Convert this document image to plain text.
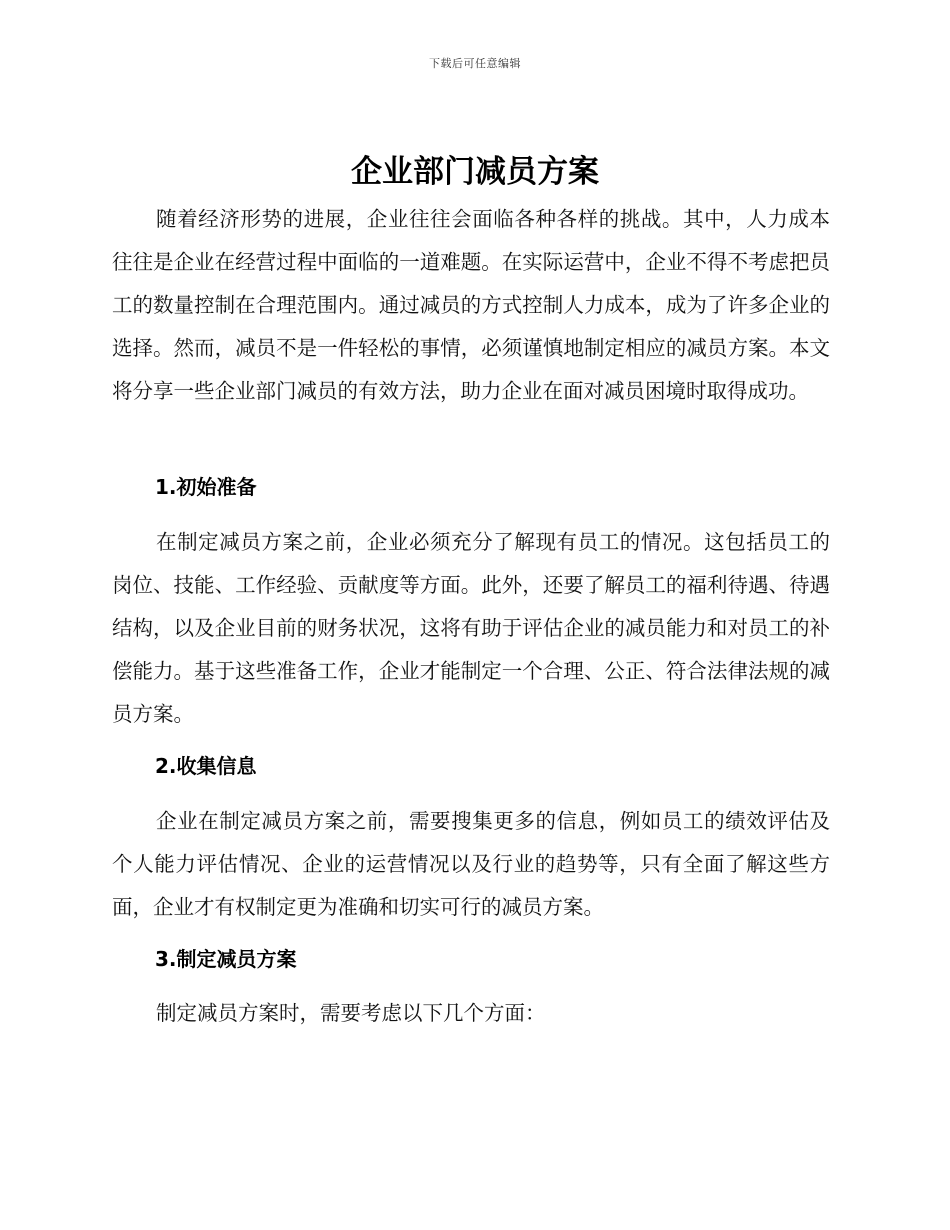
下载后可任意编辑
企业部门减员方案

随着经济形势的进展，企业往往会面临各种各样的挑战。其中，人力成本往往是企业在经营过程中面临的一道难题。在实际运营中，企业不得不考虑把员工的数量控制在合理范围内。通过减员的方式控制人力成本，成为了许多企业的选择。然而，减员不是一件轻松的事情，必须谨慎地制定相应的减员方案。本文将分享一些企业部门减员的有效方法，助力企业在面对减员困境时取得成功。

1.初始准备

在制定减员方案之前，企业必须充分了解现有员工的情况。这包括员工的岗位、技能、工作经验、贡献度等方面。此外，还要了解员工的福利待遇、待遇结构，以及企业目前的财务状况，这将有助于评估企业的减员能力和对员工的补偿能力。基于这些准备工作，企业才能制定一个合理、公正、符合法律法规的减员方案。

2.收集信息

企业在制定减员方案之前，需要搜集更多的信息，例如员工的绩效评估及个人能力评估情况、企业的运营情况以及行业的趋势等，只有全面了解这些方面，企业才有权制定更为准确和切实可行的减员方案。

3.制定减员方案

制定减员方案时，需要考虑以下几个方面：
